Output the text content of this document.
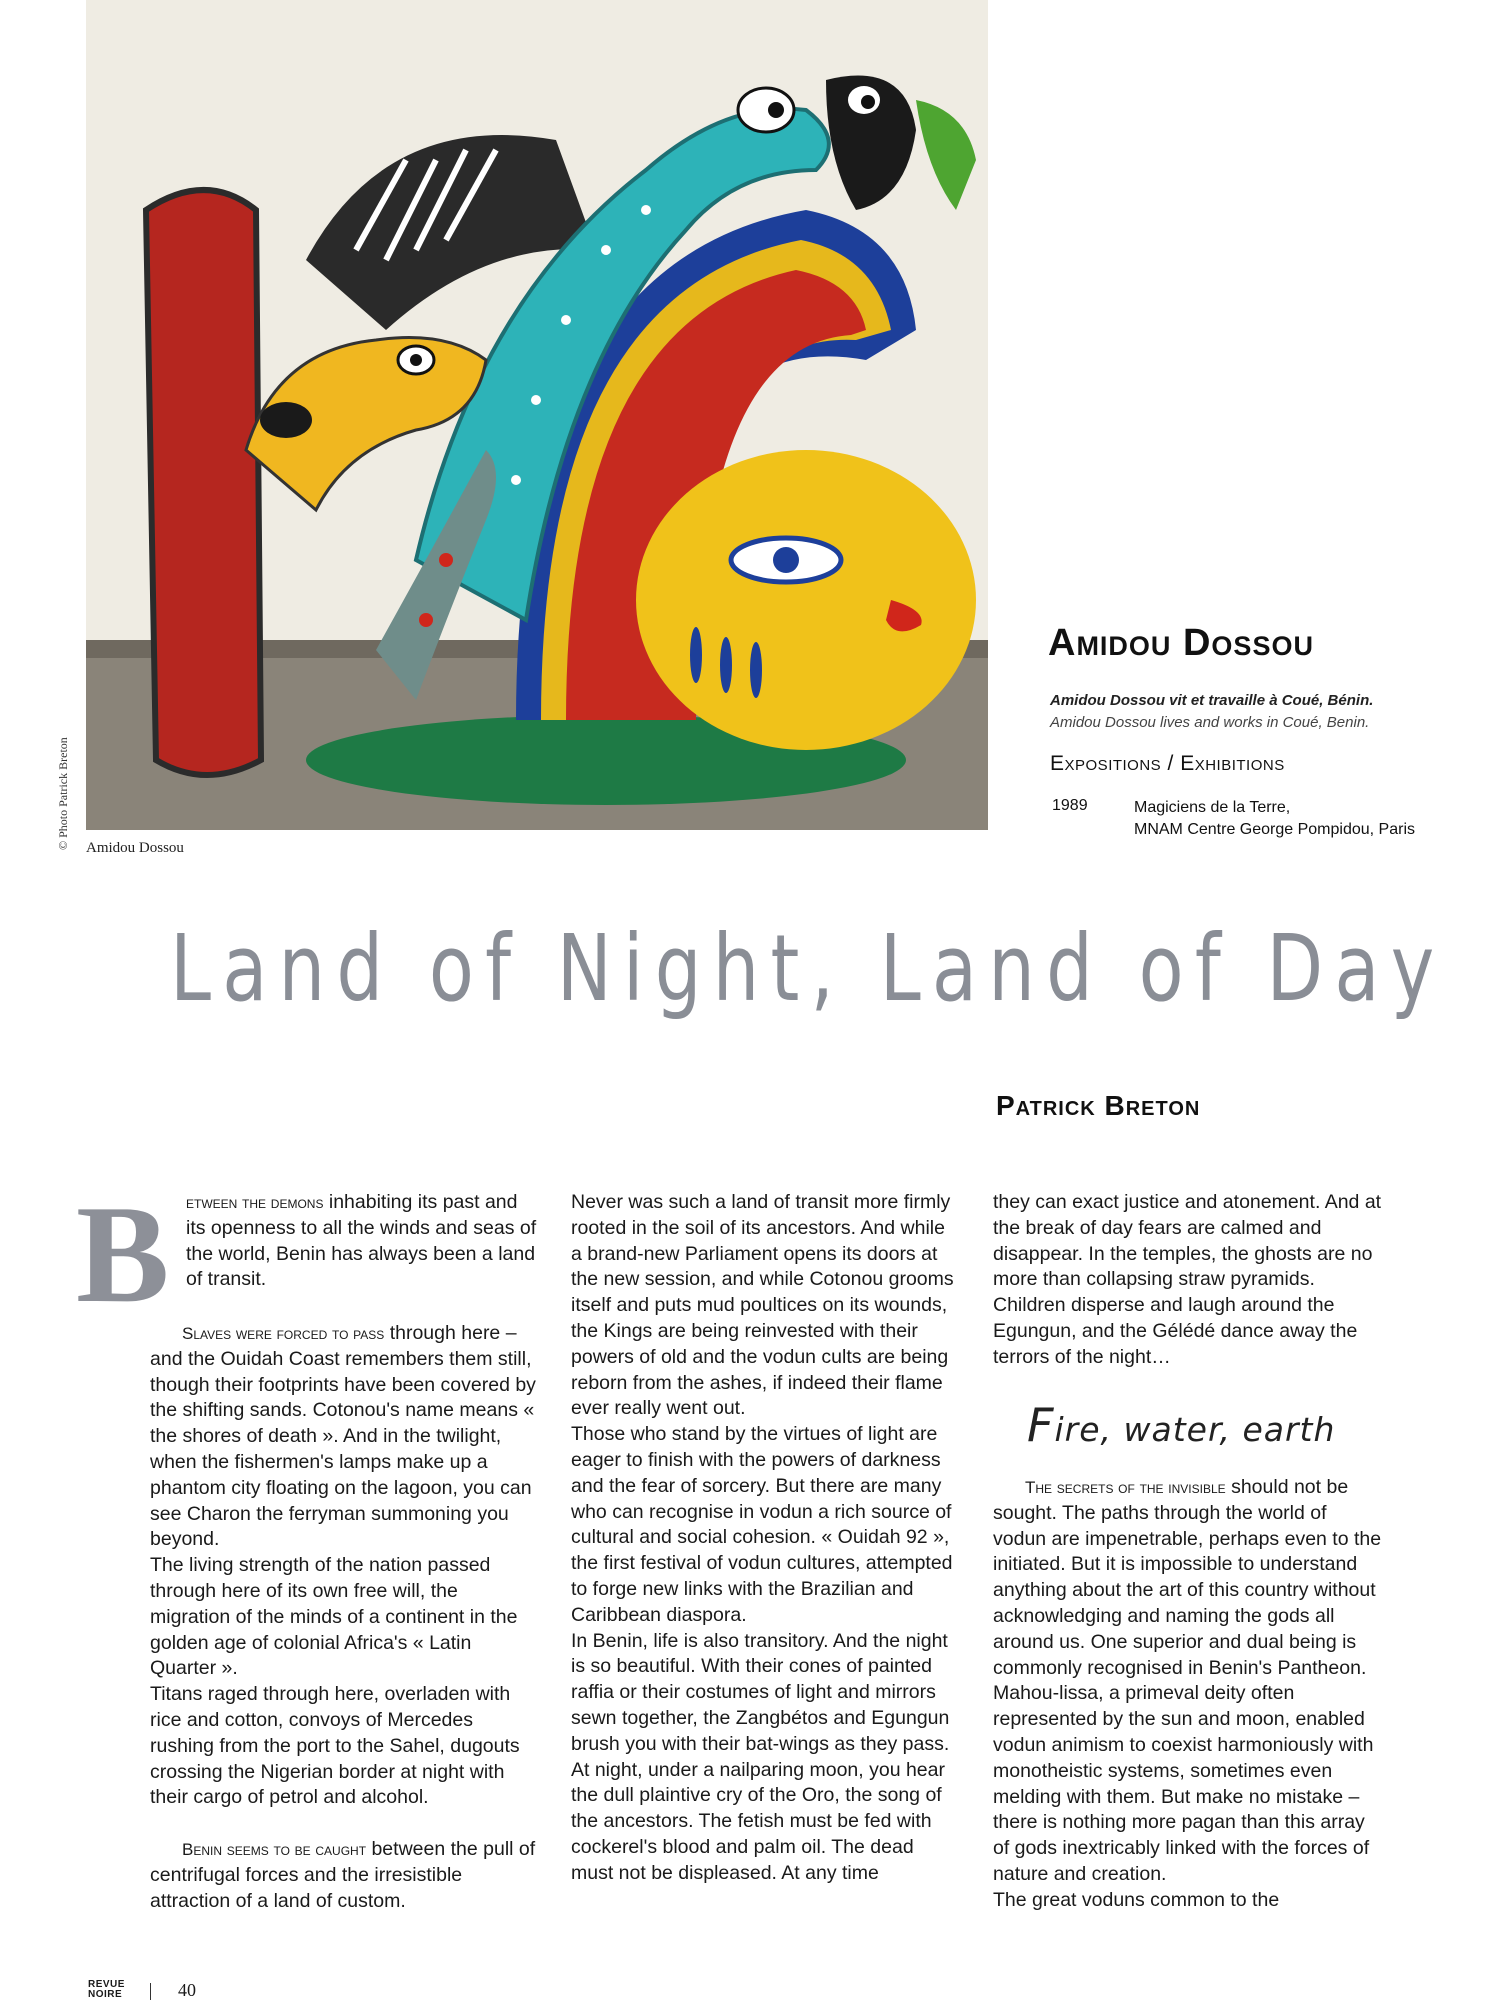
© Photo Patrick Breton Amidou Dossou
Amidou Dossou
Amidou Dossou vit et travaille à Coué, Bénin.
Amidou Dossou lives and works in Coué, Benin.
Expositions / Exhibitions
1989	Magiciens de la Terre,
MNAM Centre George Pompidou, Paris
Land of Night, Land of Day
Patrick Breton
B etween the demons inhabiting its past and its openness to all the winds and seas of the world, Benin has always been a land of transit.

Slaves were forced to pass through here – and the Ouidah Coast remembers them still, though their footprints have been covered by the shifting sands. Cotonou's name means « the shores of death ». And in the twilight, when the fishermen's lamps make up a phantom city floating on the lagoon, you can see Charon the ferryman summoning you beyond.

The living strength of the nation passed through here of its own free will, the migration of the minds of a continent in the golden age of colonial Africa's « Latin Quarter ».

Titans raged through here, overladen with rice and cotton, convoys of Mercedes rushing from the port to the Sahel, dugouts crossing the Nigerian border at night with their cargo of petrol and alcohol.

Benin seems to be caught between the pull of centrifugal forces and the irresistible attraction of a land of custom.

Never was such a land of transit more firmly rooted in the soil of its ancestors. And while a brand-new Parliament opens its doors at the new session, and while Cotonou grooms itself and puts mud poultices on its wounds, the Kings are being reinvested with their powers of old and the vodun cults are being reborn from the ashes, if indeed their flame ever really went out.

Those who stand by the virtues of light are eager to finish with the powers of darkness and the fear of sorcery. But there are many who can recognise in vodun a rich source of cultural and social cohesion. « Ouidah 92 », the first festival of vodun cultures, attempted to forge new links with the Brazilian and Caribbean diaspora.

In Benin, life is also transitory. And the night is so beautiful. With their cones of painted raffia or their costumes of light and mirrors sewn together, the Zangbétos and Egungun brush you with their bat-wings as they pass. At night, under a nailparing moon, you hear the dull plaintive cry of the Oro, the song of the ancestors. The fetish must be fed with cockerel's blood and palm oil. The dead must not be displeased. At any time

they can exact justice and atonement. And at the break of day fears are calmed and disappear. In the temples, the ghosts are no more than collapsing straw pyramids. Children disperse and laugh around the Egungun, and the Gélédé dance away the terrors of the night…

Fire, water, earth

The secrets of the invisible should not be sought. The paths through the world of vodun are impenetrable, perhaps even to the initiated. But it is impossible to understand anything about the art of this country without acknowledging and naming the gods all around us. One superior and dual being is commonly recognised in Benin's Pantheon. Mahou-lissa, a primeval deity often represented by the sun and moon, enabled vodun animism to coexist harmoniously with monotheistic systems, sometimes even melding with them. But make no mistake – there is nothing more pagan than this array of gods inextricably linked with the forces of nature and creation.

The great voduns common to the

REVUE
NOIRE	40
